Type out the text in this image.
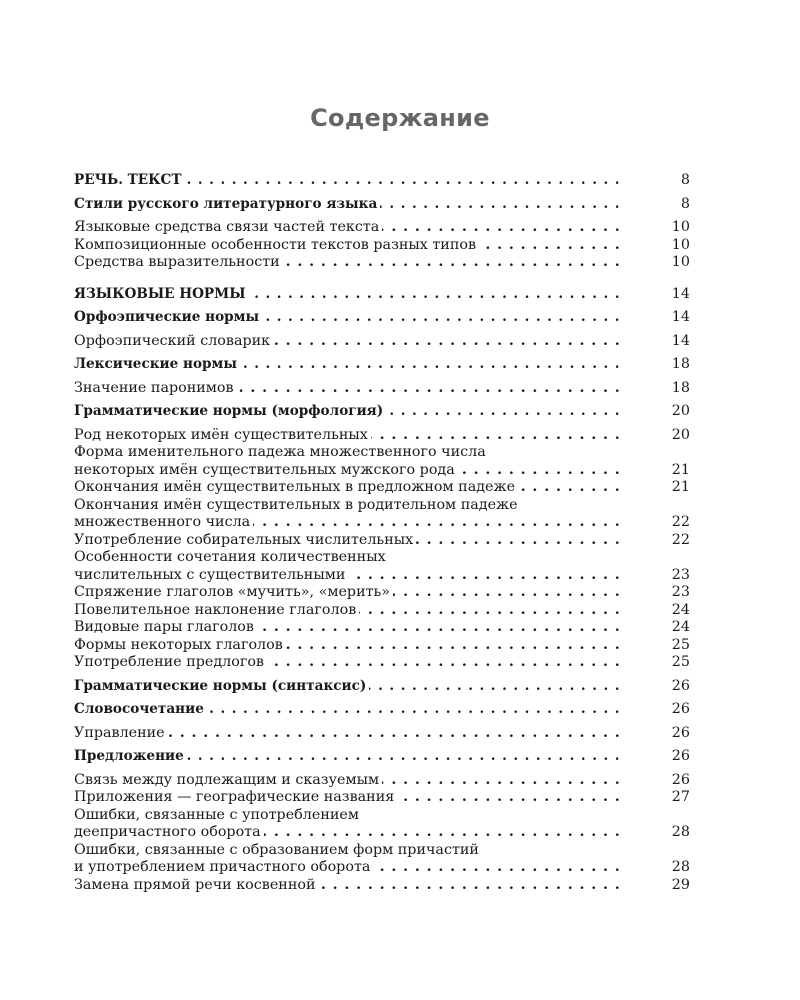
Содержание
РЕЧЬ. ТЕКСТ . . .	8
Стили русского литературного языка . . .	8
Языковые средства связи частей текста . . .	10
Композиционные особенности текстов разных типов . . .	10
Средства выразительности . . .	10
ЯЗЫКОВЫЕ НОРМЫ . . .	14
Орфоэпические нормы . . .	14
Орфоэпический словарик . . .	14
Лексические нормы . . .	18
Значение паронимов . . .	18
Грамматические нормы (морфология) . . .	20
Род некоторых имён существительных . . .	20
Форма именительного падежа множественного числа
некоторых имён существительных мужского рода . . .	21
Окончания имён существительных в предложном падеже . . .	21
Окончания имён существительных в родительном падеже
множественного числа . . .	22
Употребление собирательных числительных . . .	22
Особенности сочетания количественных
числительных с существительными . . .	23
Спряжение глаголов «мучить», «мерить» . . .	23
Повелительное наклонение глаголов . . .	24
Видовые пары глаголов . . .	24
Формы некоторых глаголов . . .	25
Употребление предлогов . . .	25
Грамматические нормы (синтаксис) . . .	26
Словосочетание . . .	26
Управление . . .	26
Предложение . . .	26
Связь между подлежащим и сказуемым . . .	26
Приложения — географические названия . . .	27
Ошибки, связанные с употреблением
деепричастного оборота . . .	28
Ошибки, связанные с образованием форм причастий
и употреблением причастного оборота . . .	28
Замена прямой речи косвенной . . .	29
